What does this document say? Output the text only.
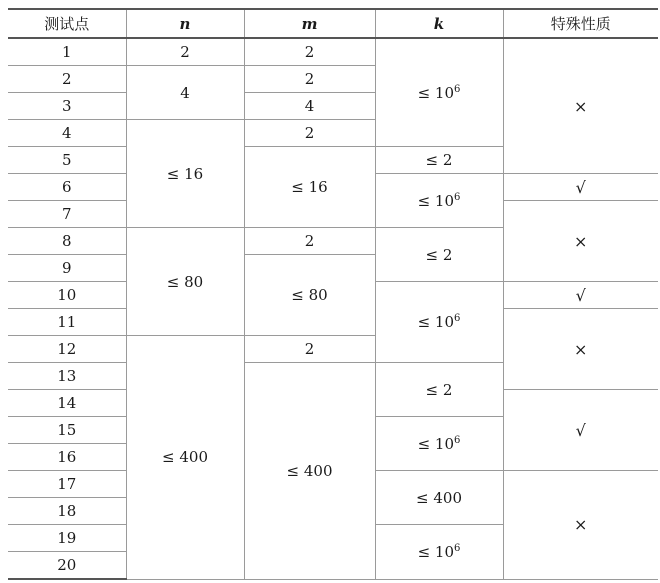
测试点	n	m	k	特殊性质
1	2	2	≤ $10^6$	×
2	4	2		
3		4		
4	≤ 16	2		
5		≤ 16	≤ 2	
6			≤ $10^6$	√
7				×
8	≤ 80	2	≤ 2	
9		≤ 80		
10			≤ $10^6$	√
11				×
12	≤ 400	2		
13		≤ 400	≤ 2	
14				√
15			≤ $10^6$
16				
17			≤ 400	×
18				
19			≤ $10^6$
20				
